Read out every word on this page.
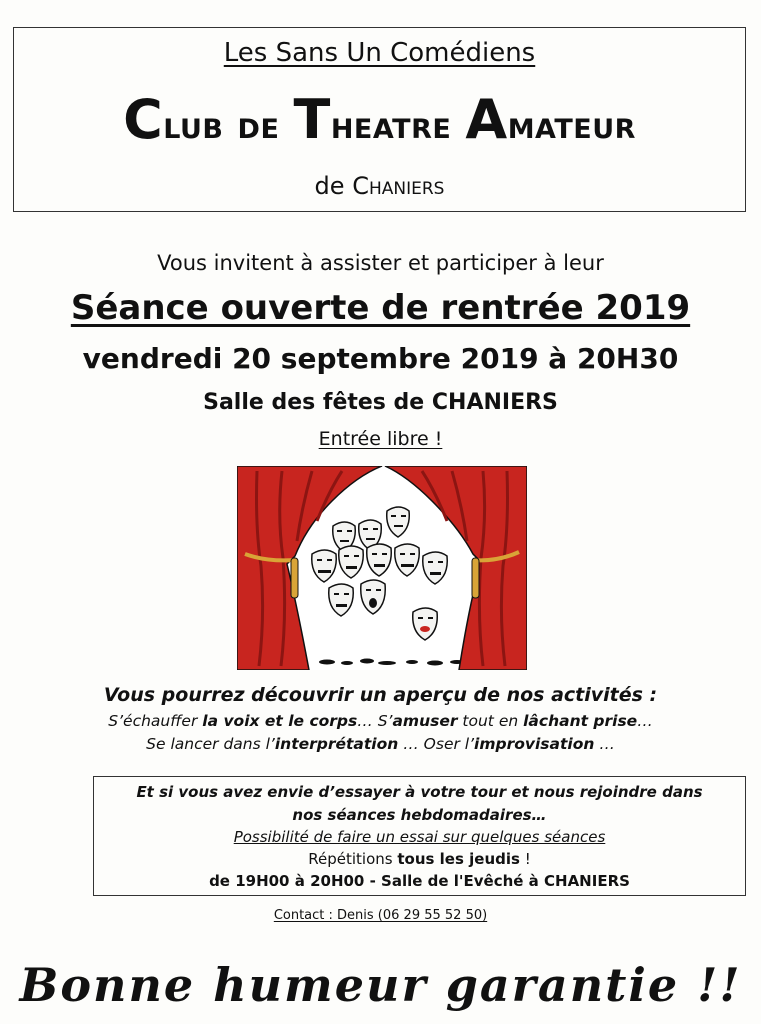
Les Sans Un Comédiens
Club de Theatre Amateur
de Chaniers
Vous invitent à assister et participer à leur
Séance ouverte de rentrée 2019
vendredi 20 septembre 2019 à 20H30
Salle des fêtes de CHANIERS
Entrée libre !
Vous pourrez découvrir un aperçu de nos activités :
S’échauffer la voix et le corps… S’amuser tout en lâchant prise…
Se lancer dans l’interprétation … Oser l’improvisation …
Et si vous avez envie d’essayer à votre tour et nous rejoindre dans
nos séances hebdomadaires…
Possibilité de faire un essai sur quelques séances
Répétitions tous les jeudis !
de 19H00 à 20H00 - Salle de l'Evêché à CHANIERS
Contact : Denis (06 29 55 52 50)
Bonne humeur garantie !!
